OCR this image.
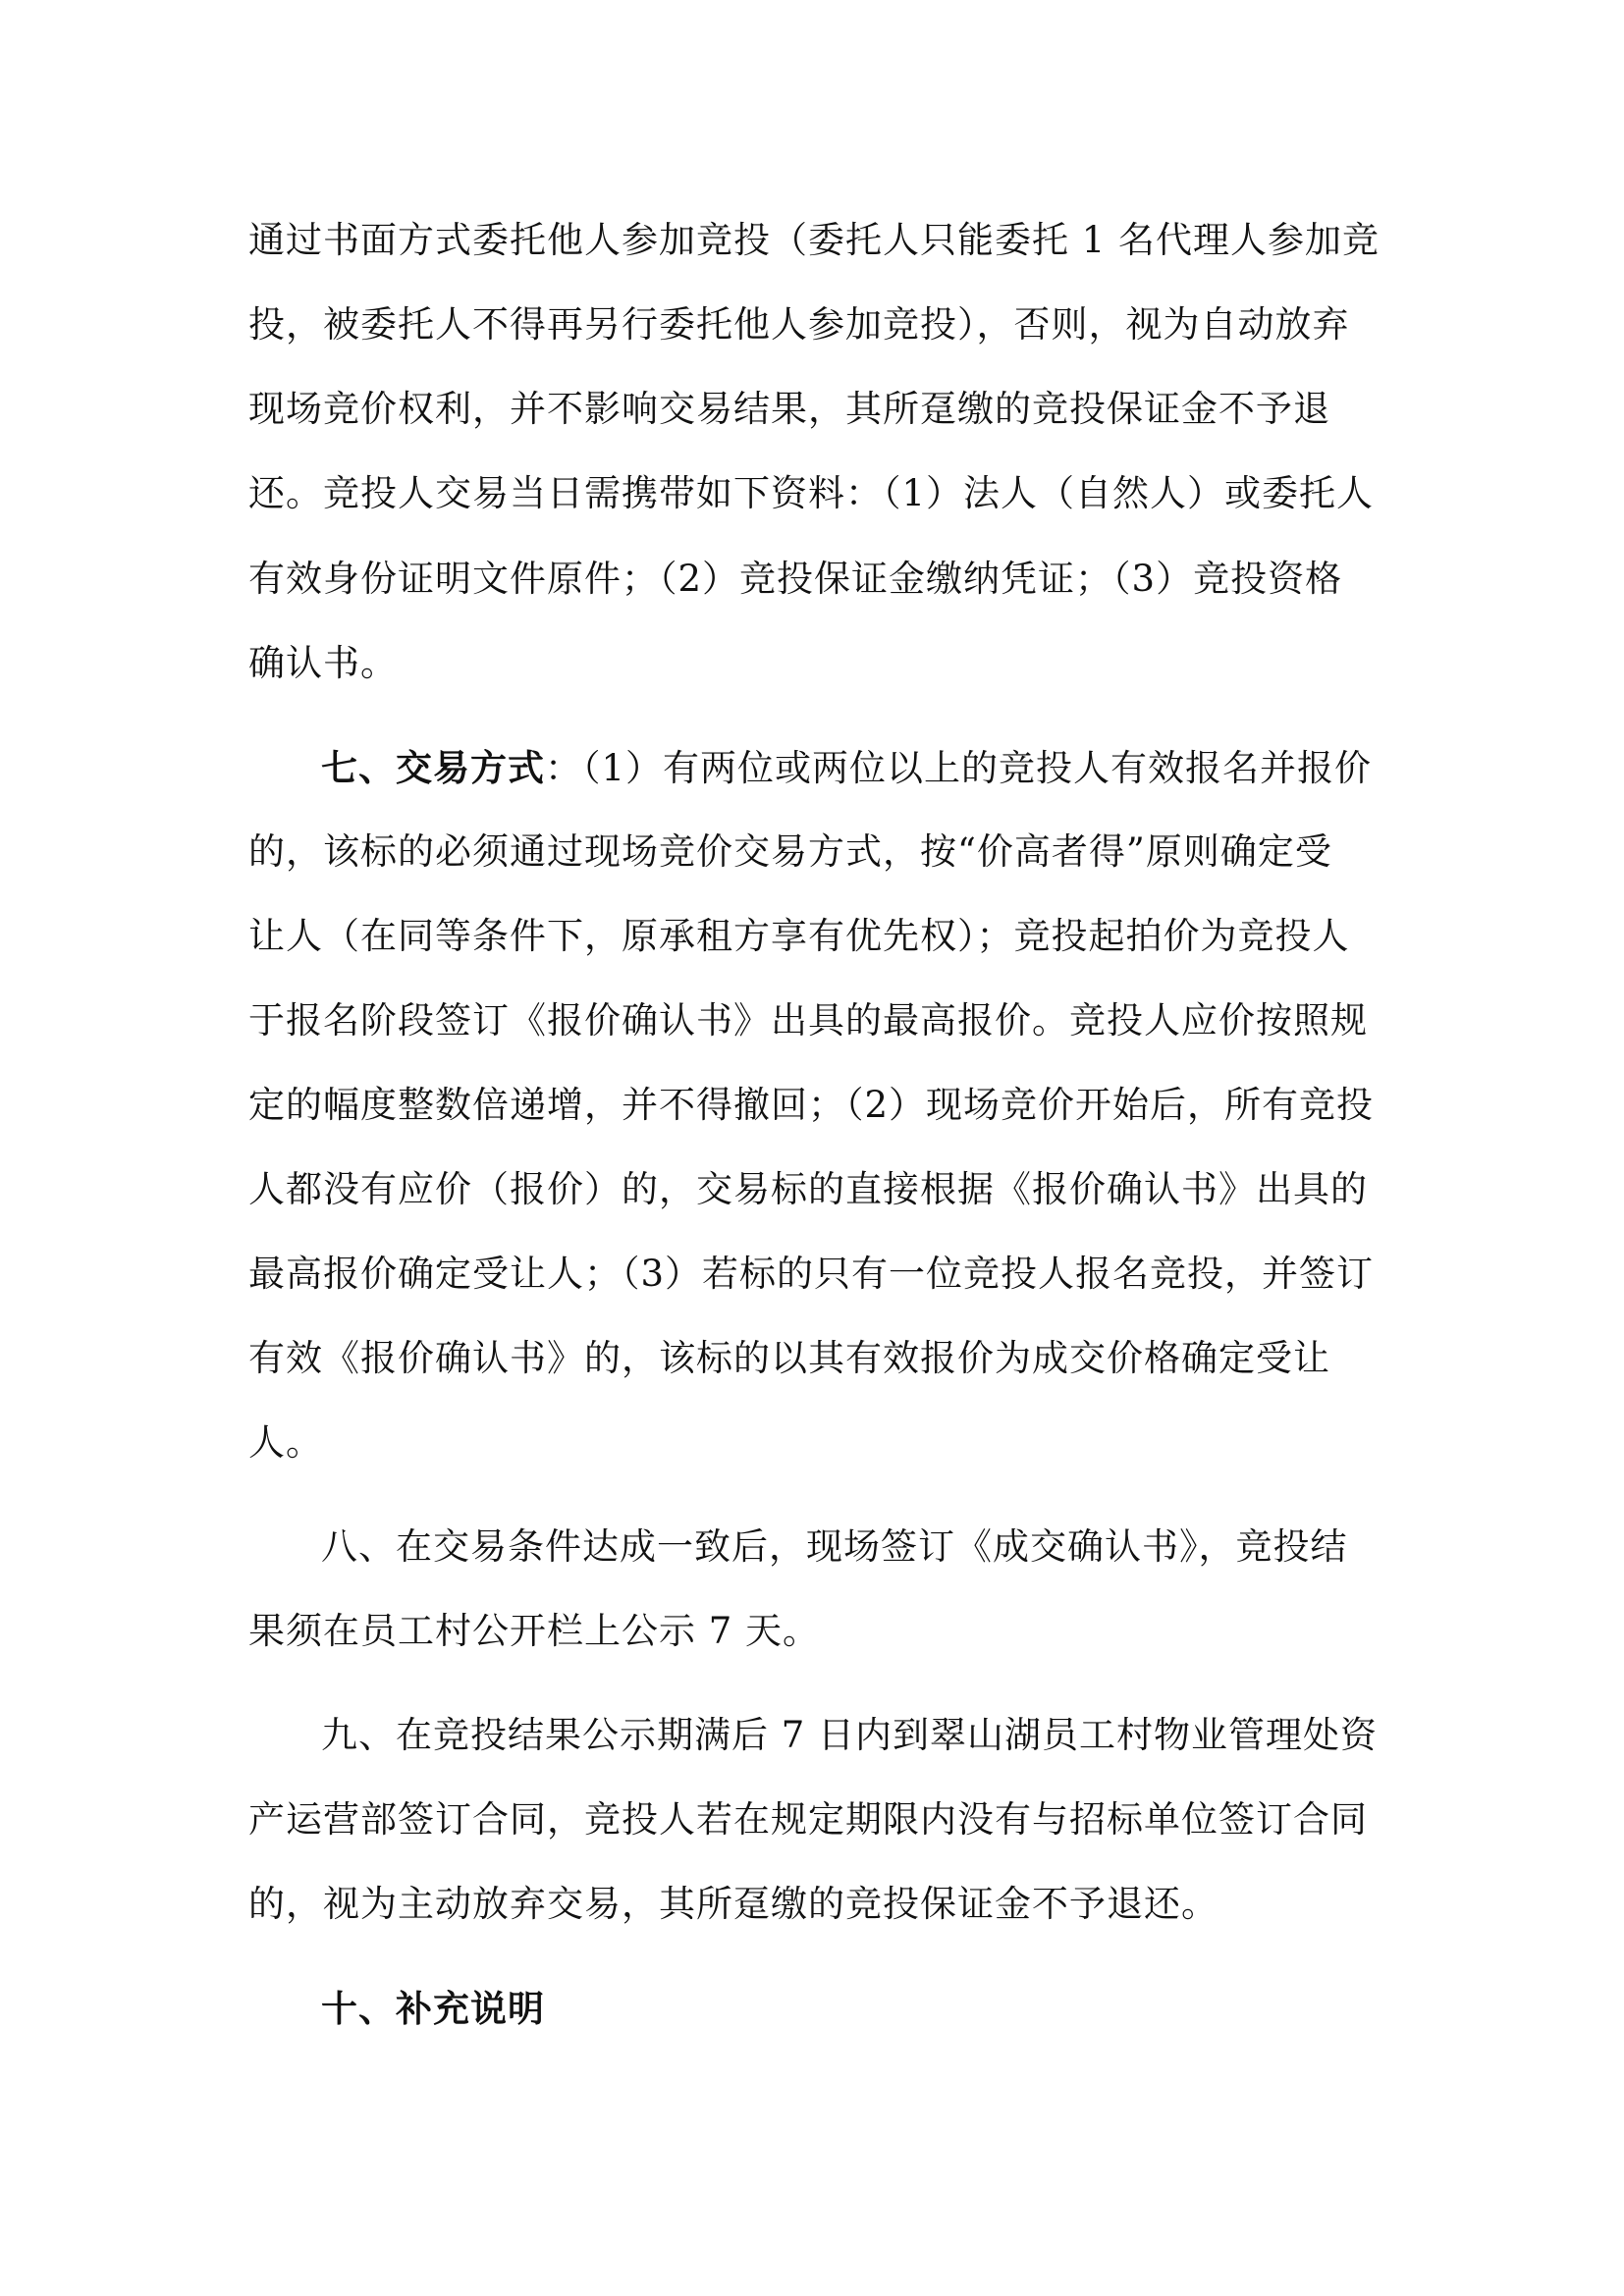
通过书面方式委托他人参加竞投（委托人只能委托 1 名代理人参加竞
投，被委托人不得再另行委托他人参加竞投），否则，视为自动放弃
现场竞价权利，并不影响交易结果，其所趸缴的竞投保证金不予退
还。竞投人交易当日需携带如下资料：（1）法人（自然人）或委托人
有效身份证明文件原件；（2）竞投保证金缴纳凭证；（3）竞投资格
确认书。
七、交易方式：（1）有两位或两位以上的竞投人有效报名并报价
的，该标的必须通过现场竞价交易方式，按“价高者得”原则确定受
让人（在同等条件下，原承租方享有优先权）；竞投起拍价为竞投人
于报名阶段签订《报价确认书》出具的最高报价。竞投人应价按照规
定的幅度整数倍递增，并不得撤回；（2）现场竞价开始后，所有竞投
人都没有应价（报价）的，交易标的直接根据《报价确认书》出具的
最高报价确定受让人；（3）若标的只有一位竞投人报名竞投，并签订
有效《报价确认书》的，该标的以其有效报价为成交价格确定受让
人。
八、在交易条件达成一致后，现场签订《成交确认书》，竞投结
果须在员工村公开栏上公示 7 天。
九、在竞投结果公示期满后 7 日内到翠山湖员工村物业管理处资
产运营部签订合同，竞投人若在规定期限内没有与招标单位签订合同
的，视为主动放弃交易，其所趸缴的竞投保证金不予退还。
十、补充说明
